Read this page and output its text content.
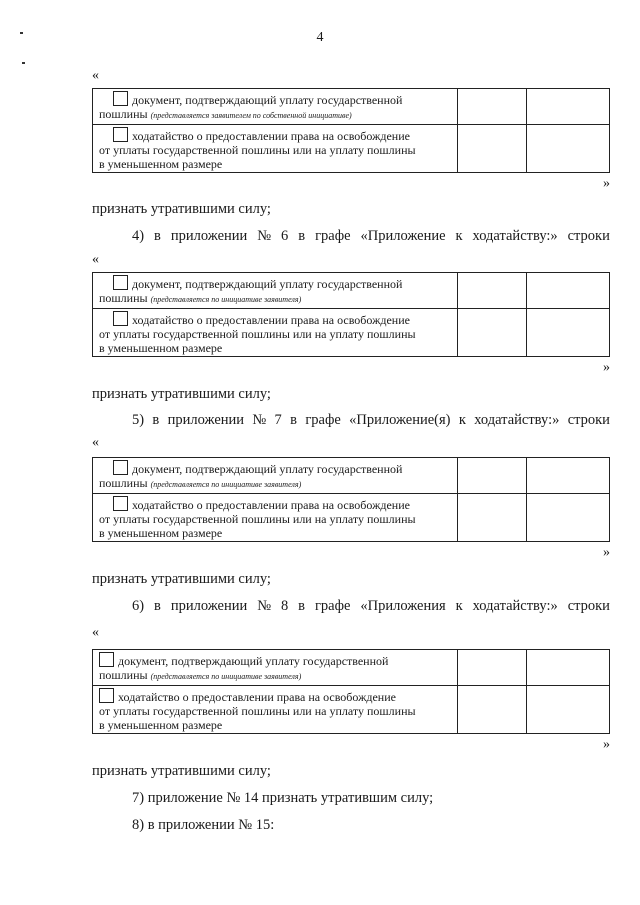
4
«
документ, подтверждающий уплату государственной
пошлины (представляется заявителем по собственной инициативе)
ходатайство о предоставлении права на освобождение
от уплаты государственной пошлины или на уплату пошлины
в уменьшенном размере
»
признать утратившими силу;
4) в приложении № 6 в графе «Приложение к ходатайству:» строки
«
документ, подтверждающий уплату государственной
пошлины (представляется по инициативе заявителя)
ходатайство о предоставлении права на освобождение
от уплаты государственной пошлины или на уплату пошлины
в уменьшенном размере
»
признать утратившими силу;
5) в приложении № 7 в графе «Приложение(я) к ходатайству:» строки
«
документ, подтверждающий уплату государственной
пошлины (представляется по инициативе заявителя)
ходатайство о предоставлении права на освобождение
от уплаты государственной пошлины или на уплату пошлины
в уменьшенном размере
»
признать утратившими силу;
6) в приложении № 8 в графе «Приложения к ходатайству:» строки
«
документ, подтверждающий уплату государственной
пошлины (представляется по инициативе заявителя)
ходатайство о предоставлении права на освобождение
от уплаты государственной пошлины или на уплату пошлины
в уменьшенном размере
»
признать утратившими силу;
7) приложение № 14 признать утратившим силу;
8) в приложении № 15:
